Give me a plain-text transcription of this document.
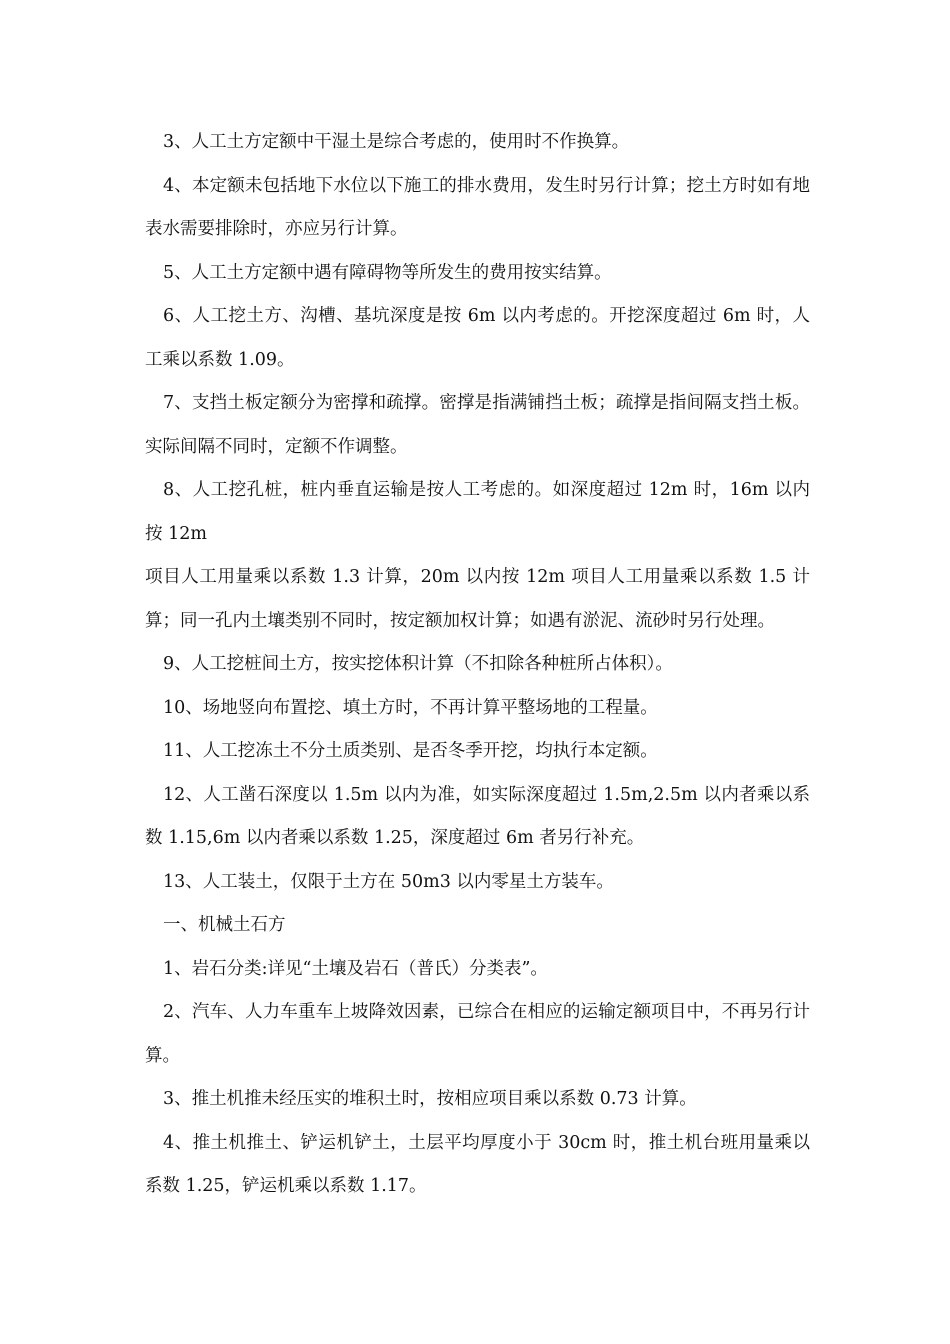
3、人工土方定额中干湿土是综合考虑的，使用时不作换算。

4、本定额未包括地下水位以下施工的排水费用，发生时另行计算；挖土方时如有地表水需要排除时，亦应另行计算。

5、人工土方定额中遇有障碍物等所发生的费用按实结算。

6、人工挖土方、沟槽、基坑深度是按 6m 以内考虑的。开挖深度超过 6m 时，人工乘以系数 1.09。

7、支挡土板定额分为密撑和疏撑。密撑是指满铺挡土板；疏撑是指间隔支挡土板。实际间隔不同时，定额不作调整。

8、人工挖孔桩，桩内垂直运输是按人工考虑的。如深度超过 12m 时，16m 以内按 12m

项目人工用量乘以系数 1.3 计算，20m 以内按 12m 项目人工用量乘以系数 1.5 计算；同一孔内土壤类别不同时，按定额加权计算；如遇有淤泥、流砂时另行处理。

9、人工挖桩间土方，按实挖体积计算（不扣除各种桩所占体积）。

10、场地竖向布置挖、填土方时，不再计算平整场地的工程量。

11、人工挖冻土不分土质类别、是否冬季开挖，均执行本定额。

12、人工凿石深度以 1.5m 以内为准，如实际深度超过 1.5m,2.5m 以内者乘以系数 1.15,6m 以内者乘以系数 1.25，深度超过 6m 者另行补充。

13、人工装土，仅限于土方在 50m3 以内零星土方装车。

一、机械土石方

1、岩石分类:详见“土壤及岩石（普氏）分类表”。

2、汽车、人力车重车上坡降效因素，已综合在相应的运输定额项目中，不再另行计算。

3、推土机推未经压实的堆积土时，按相应项目乘以系数 0.73 计算。

4、推土机推土、铲运机铲土，土层平均厚度小于 30cm 时，推土机台班用量乘以系数 1.25，铲运机乘以系数 1.17。
